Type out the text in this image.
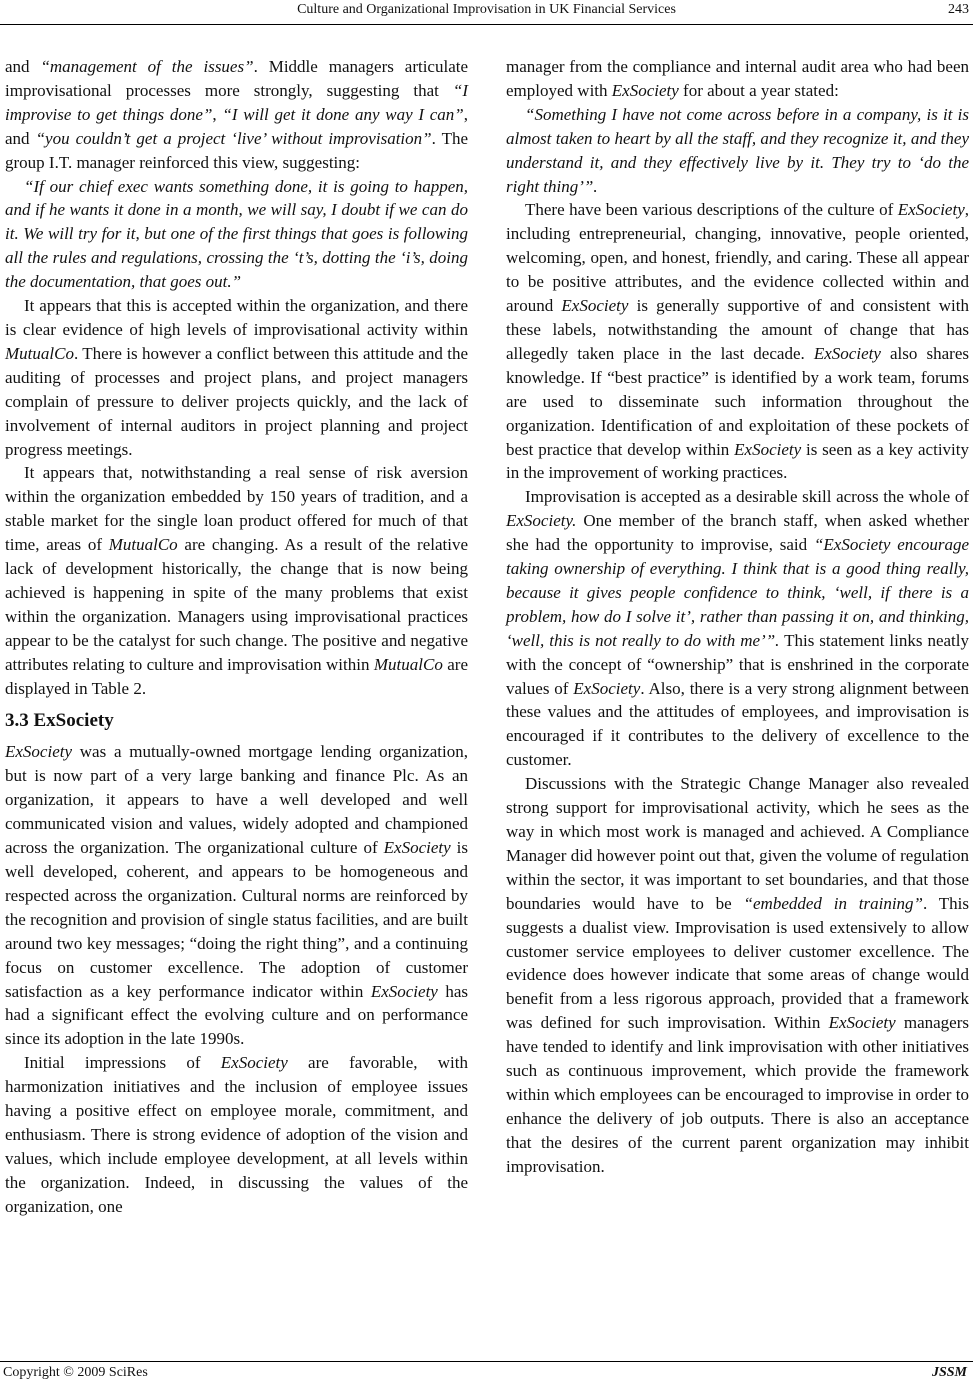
Culture and Organizational Improvisation in UK Financial Services	243

and “management of the issues”. Middle managers articulate improvisational processes more strongly, suggesting that “I improvise to get things done”, “I will get it done any way I can”, and “you couldn’t get a project ‘live’ without improvisation”. The group I.T. manager reinforced this view, suggesting:

“If our chief exec wants something done, it is going to happen, and if he wants it done in a month, we will say, I doubt if we can do it. We will try for it, but one of the first things that goes is following all the rules and regulations, crossing the ‘t’s, dotting the ‘i’s, doing the documentation, that goes out.”

It appears that this is accepted within the organization, and there is clear evidence of high levels of improvisational activity within MutualCo. There is however a conflict between this attitude and the auditing of processes and project plans, and project managers complain of pressure to deliver projects quickly, and the lack of involvement of internal auditors in project planning and project progress meetings.

It appears that, notwithstanding a real sense of risk aversion within the organization embedded by 150 years of tradition, and a stable market for the single loan product offered for much of that time, areas of MutualCo are changing. As a result of the relative lack of development historically, the change that is now being achieved is happening in spite of the many problems that exist within the organization. Managers using improvisational practices appear to be the catalyst for such change. The positive and negative attributes relating to culture and improvisation within MutualCo are displayed in Table 2.

3.3 ExSociety

ExSociety was a mutually-owned mortgage lending organization, but is now part of a very large banking and finance Plc. As an organization, it appears to have a well developed and well communicated vision and values, widely adopted and championed across the organization. The organizational culture of ExSociety is well developed, coherent, and appears to be homogeneous and respected across the organization. Cultural norms are reinforced by the recognition and provision of single status facilities, and are built around two key messages; “doing the right thing”, and a continuing focus on customer excellence. The adoption of customer satisfaction as a key performance indicator within ExSociety has had a significant effect the evolving culture and on performance since its adoption in the late 1990s.

Initial impressions of ExSociety are favorable, with harmonization initiatives and the inclusion of employee issues having a positive effect on employee morale, commitment, and enthusiasm. There is strong evidence of adoption of the vision and values, which include employee development, at all levels within the organization. Indeed, in discussing the values of the organization, one

manager from the compliance and internal audit area who had been employed with ExSociety for about a year stated:

“Something I have not come across before in a company, is it is almost taken to heart by all the staff, and they recognize it, and they understand it, and they effectively live by it. They try to ‘do the right thing’”.

There have been various descriptions of the culture of ExSociety, including entrepreneurial, changing, innovative, people oriented, welcoming, open, and honest, friendly, and caring. These all appear to be positive attributes, and the evidence collected within and around ExSociety is generally supportive of and consistent with these labels, notwithstanding the amount of change that has allegedly taken place in the last decade. ExSociety also shares knowledge. If “best practice” is identified by a work team, forums are used to disseminate such information throughout the organization. Identification of and exploitation of these pockets of best practice that develop within ExSociety is seen as a key activity in the improvement of working practices.

Improvisation is accepted as a desirable skill across the whole of ExSociety. One member of the branch staff, when asked whether she had the opportunity to improvise, said “ExSociety encourage taking ownership of everything. I think that is a good thing really, because it gives people confidence to think, ‘well, if there is a problem, how do I solve it’, rather than passing it on, and thinking, ‘well, this is not really to do with me’”. This statement links neatly with the concept of “ownership” that is enshrined in the corporate values of ExSociety. Also, there is a very strong alignment between these values and the attitudes of employees, and improvisation is encouraged if it contributes to the delivery of excellence to the customer.

Discussions with the Strategic Change Manager also revealed strong support for improvisational activity, which he sees as the way in which most work is managed and achieved. A Compliance Manager did however point out that, given the volume of regulation within the sector, it was important to set boundaries, and that those boundaries would have to be “embedded in training”. This suggests a dualist view. Improvisation is used extensively to allow customer service employees to deliver customer excellence. The evidence does however indicate that some areas of change would benefit from a less rigorous approach, provided that a framework was defined for such improvisation. Within ExSociety managers have tended to identify and link improvisation with other initiatives such as continuous improvement, which provide the framework within which employees can be encouraged to improvise in order to enhance the delivery of job outputs. There is also an acceptance that the desires of the current parent organization may inhibit improvisation.

Copyright © 2009 SciRes	JSSM
